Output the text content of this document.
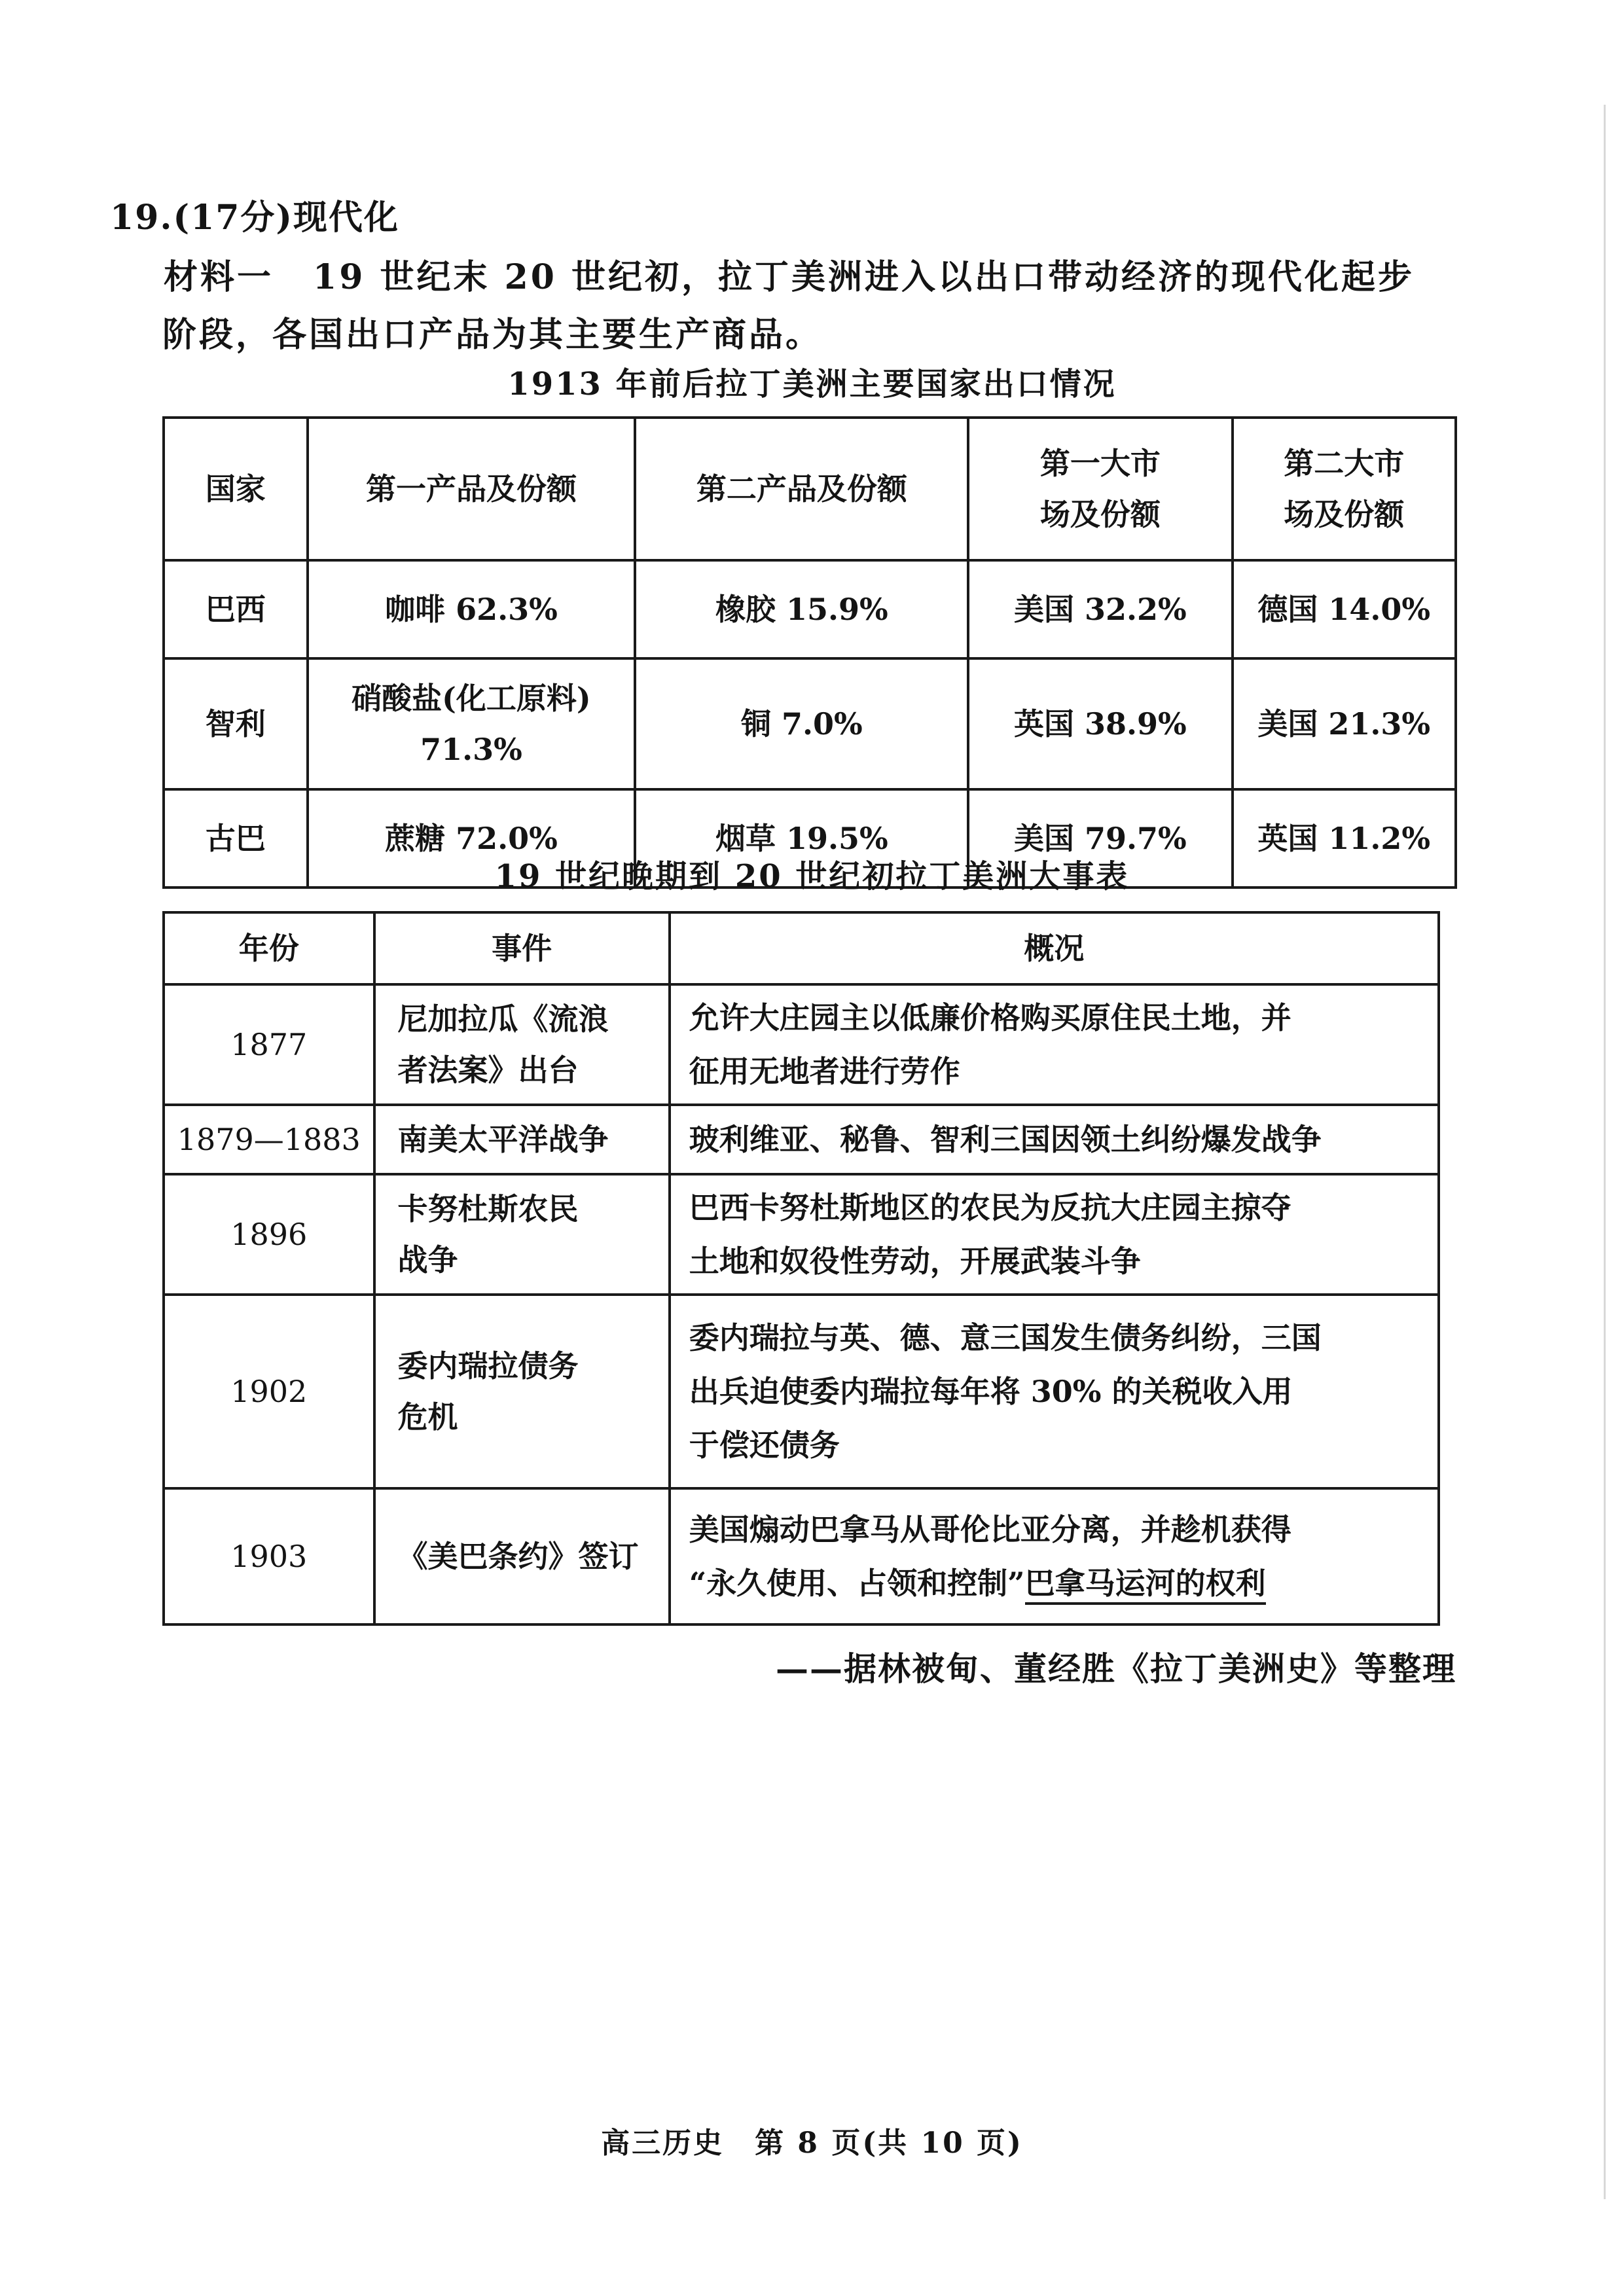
19.(17分)现代化
材料一 19 世纪末 20 世纪初，拉丁美洲进入以出口带动经济的现代化起步
阶段，各国出口产品为其主要生产商品。
1913 年前后拉丁美洲主要国家出口情况
国家	第一产品及份额	第二产品及份额	第一大市
场及份额	第二大市
场及份额
巴西	咖啡 62.3%	橡胶 15.9%	美国 32.2%	德国 14.0%
智利	硝酸盐(化工原料)
71.3%	铜 7.0%	英国 38.9%	美国 21.3%
古巴	蔗糖 72.0%	烟草 19.5%	美国 79.7%	英国 11.2%
19 世纪晚期到 20 世纪初拉丁美洲大事表
年份	事件	概况
1877	尼加拉瓜《流浪
者法案》出台	允许大庄园主以低廉价格购买原住民土地，并
征用无地者进行劳作
1879—1883	南美太平洋战争	玻利维亚、秘鲁、智利三国因领土纠纷爆发战争
1896	卡努杜斯农民
战争	巴西卡努杜斯地区的农民为反抗大庄园主掠夺
土地和奴役性劳动，开展武装斗争
1902	委内瑞拉债务
危机	委内瑞拉与英、德、意三国发生债务纠纷，三国
出兵迫使委内瑞拉每年将 30% 的关税收入用
于偿还债务
1903	《美巴条约》签订	美国煽动巴拿马从哥伦比亚分离，并趁机获得
“永久使用、占领和控制”巴拿马运河的权利
——据林被甸、董经胜《拉丁美洲史》等整理
高三历史　第 8 页(共 10 页)
